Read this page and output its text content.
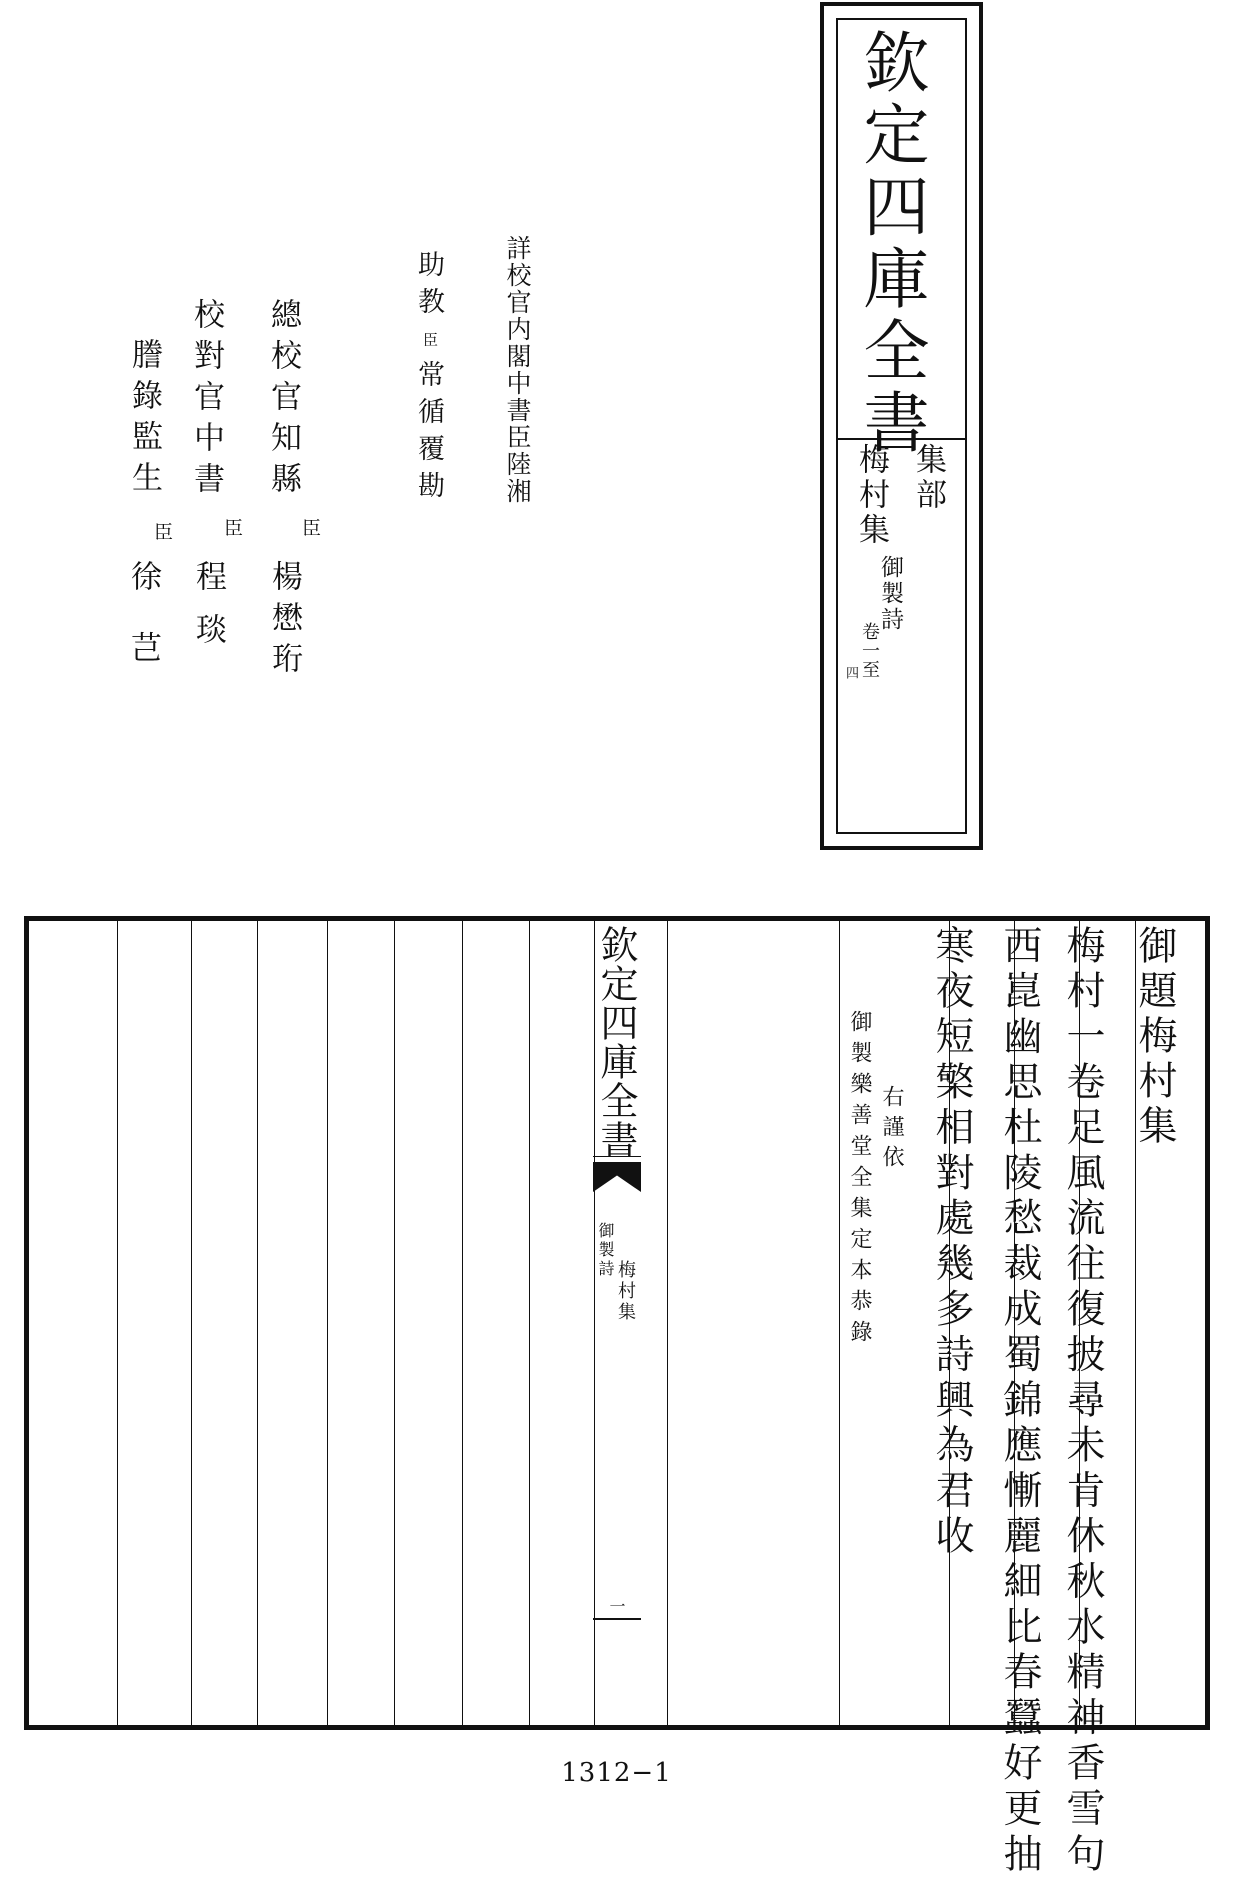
欽定四庫全書
集部
梅村集
御製詩
卷一至
四
詳校官内閣中書臣陸湘
助教
臣
常循覆勘
總校官知縣
臣
楊懋珩
校對官中書
臣
程琰
謄錄監生
臣
徐芑
御題梅村集
梅村一卷足風流往復披尋未肯休秋水精神香雪句
西崑幽思杜陵愁裁成蜀錦應慚麗細比春蠶好更抽
寒夜短檠相對處幾多詩興為君收
右謹依
御製樂善堂全集定本恭錄
欽定四庫全書
御製詩
梅村集
一
1312−1
